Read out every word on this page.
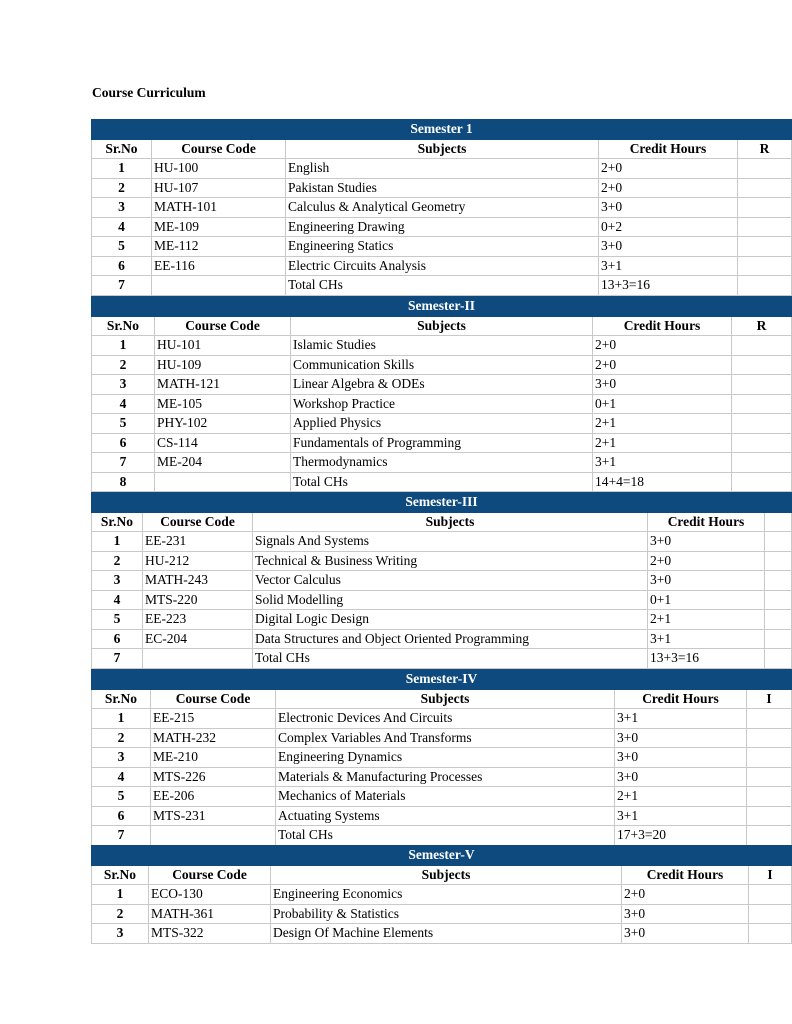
Course Curriculum
Semester 1				
Sr.No	Course Code	Subjects	Credit Hours	R
1	HU-100	English	2+0	
2	HU-107	Pakistan Studies	2+0	
3	MATH-101	Calculus & Analytical Geometry	3+0	
4	ME-109	Engineering Drawing	0+2	
5	ME-112	Engineering Statics	3+0	
6	EE-116	Electric Circuits Analysis	3+1	
7		Total CHs	13+3=16	
Semester-II				
Sr.No	Course Code	Subjects	Credit Hours	R
1	HU-101	Islamic Studies	2+0	
2	HU-109	Communication Skills	2+0	
3	MATH-121	Linear Algebra & ODEs	3+0	
4	ME-105	Workshop Practice	0+1	
5	PHY-102	Applied Physics	2+1	
6	CS-114	Fundamentals of Programming	2+1	
7	ME-204	Thermodynamics	3+1	
8		Total CHs	14+4=18	
Semester-III				
Sr.No	Course Code	Subjects	Credit Hours	
1	EE-231	Signals And Systems	3+0	
2	HU-212	Technical & Business Writing	2+0	
3	MATH-243	Vector Calculus	3+0	
4	MTS-220	Solid Modelling	0+1	
5	EE-223	Digital Logic Design	2+1	
6	EC-204	Data Structures and Object Oriented Programming	3+1	
7		Total CHs	13+3=16	
Semester-IV				
Sr.No	Course Code	Subjects	Credit Hours	I
1	EE-215	Electronic Devices And Circuits	3+1	
2	MATH-232	Complex Variables And Transforms	3+0	
3	ME-210	Engineering Dynamics	3+0	
4	MTS-226	Materials & Manufacturing Processes	3+0	
5	EE-206	Mechanics of Materials	2+1	
6	MTS-231	Actuating Systems	3+1	
7		Total CHs	17+3=20	
Semester-V				
Sr.No	Course Code	Subjects	Credit Hours	I
1	ECO-130	Engineering Economics	2+0	
2	MATH-361	Probability & Statistics	3+0	
3	MTS-322	Design Of Machine Elements	3+0	
